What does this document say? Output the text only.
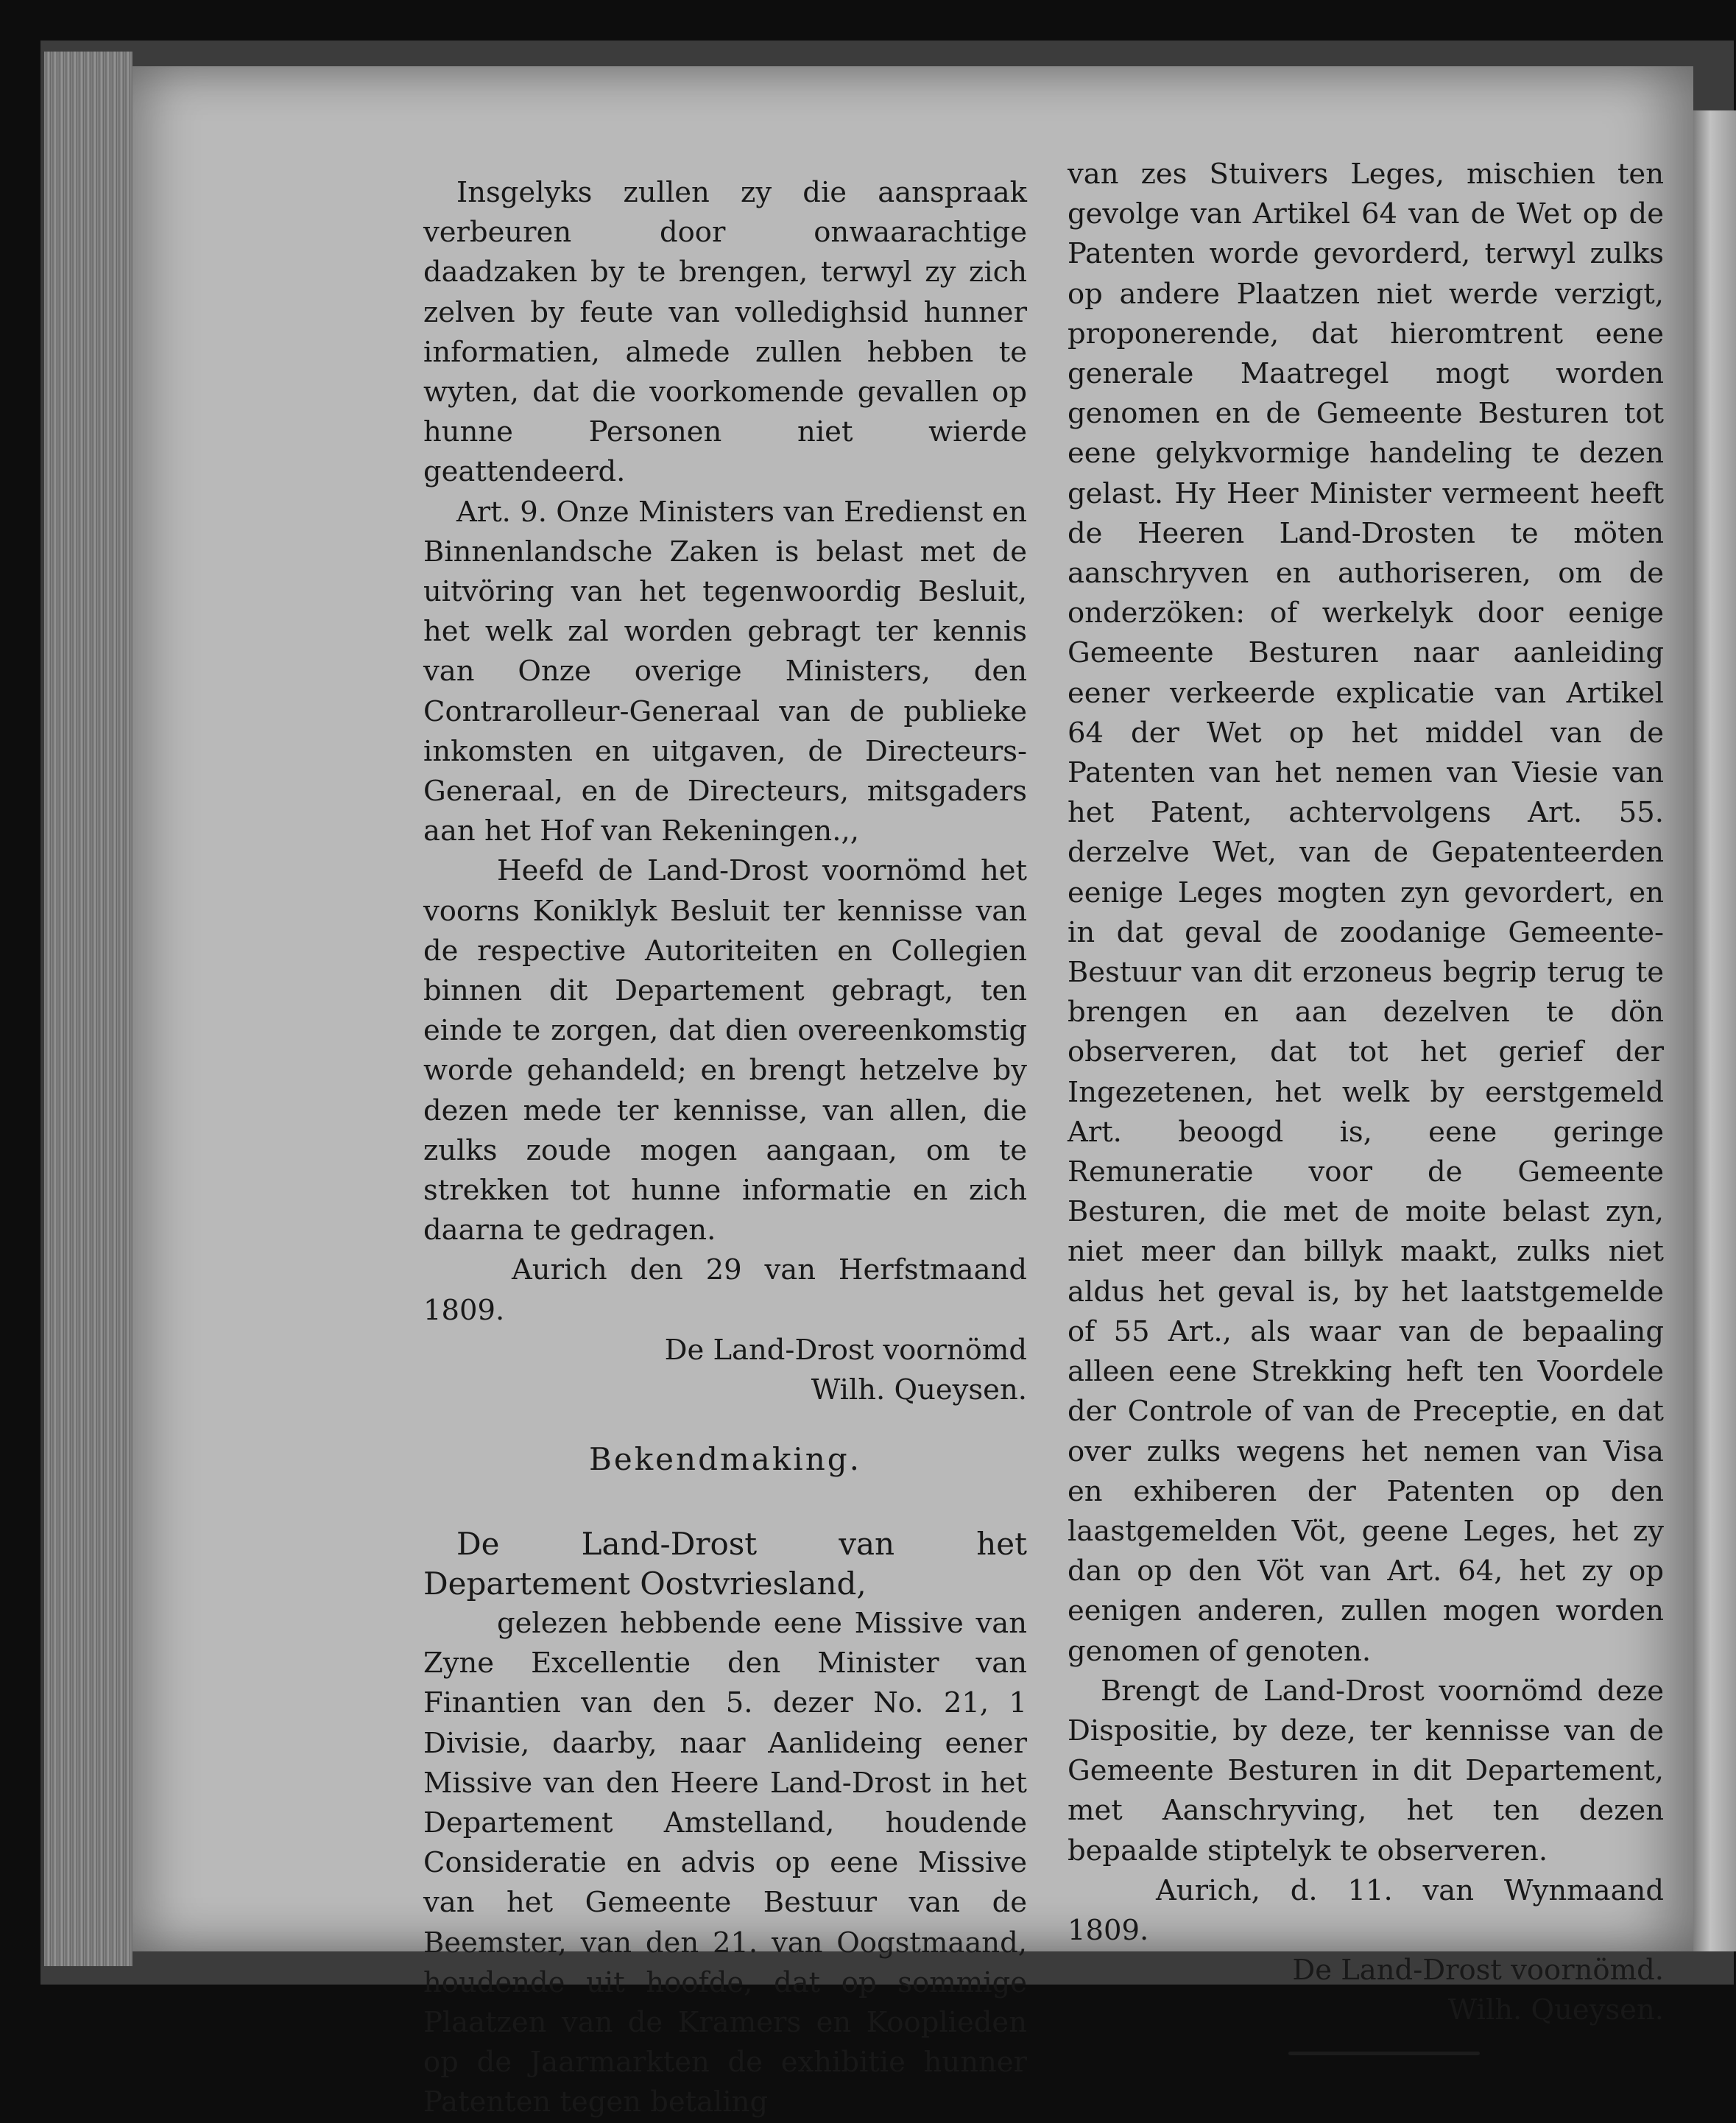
Insgelyks zullen zy die aanspraak verbeuren door onwaarachtige daadzaken by te brengen, terwyl zy zich zelven by feute van volledighsid hunner informatien, almede zullen hebben te wyten, dat die voorkomende gevallen op hunne Personen niet wierde geattendeerd.

Art. 9. Onze Ministers van Eredienst en Binnenlandsche Zaken is belast met de uitvöring van het tegenwoordig Besluit, het welk zal worden gebragt ter kennis van Onze overige Ministers, den Contrarolleur-Generaal van de publieke inkomsten en uitgaven, de Directeurs-Generaal, en de Directeurs, mitsgaders aan het Hof van Rekeningen.,,

Heefd de Land-Drost voornömd het voorns Koniklyk Besluit ter kennisse van de respective Autoriteiten en Collegien binnen dit Departement gebragt, ten einde te zorgen, dat dien overeenkomstig worde gehandeld; en brengt hetzelve by dezen mede ter kennisse, van allen, die zulks zoude mogen aangaan, om te strekken tot hunne informatie en zich daarna te gedragen.

Aurich den 29 van Herfstmaand 1809.

De Land-Drost voornömd

Wilh. Queysen.

Bekendmaking.

De Land-Drost van het Departement Oostvriesland,

gelezen hebbende eene Missive van Zyne Excellentie den Minister van Finantien van den 5. dezer No. 21, 1 Divisie, daarby, naar Aanlideing eener Missive van den Heere Land-Drost in het Departement Amstelland, houdende Consideratie en advis op eene Missive van het Gemeente Bestuur van de Beemster, van den 21. van Oogstmaand, houdende uit hoofde, dat op sommige Plaatzen van de Kramers en Kooplieden op de Jaarmarkten de exhibitie hunner Patenten tegen betaling

van zes Stuivers Leges, mischien ten gevolge van Artikel 64 van de Wet op de Patenten worde gevorderd, terwyl zulks op andere Plaatzen niet werde verzigt, proponerende, dat hieromtrent eene generale Maatregel mogt worden genomen en de Gemeente Besturen tot eene gelykvormige handeling te dezen gelast. Hy Heer Minister vermeent heeft de Heeren Land-Drosten te möten aanschryven en authoriseren, om de onderzöken: of werkelyk door eenige Gemeente Besturen naar aanleiding eener verkeerde explicatie van Artikel 64 der Wet op het middel van de Patenten van het nemen van Viesie van het Patent, achtervolgens Art. 55. derzelve Wet, van de Gepatenteerden eenige Leges mogten zyn gevordert, en in dat geval de zoodanige Gemeente-Bestuur van dit erzoneus begrip terug te brengen en aan dezelven te dön observeren, dat tot het gerief der Ingezetenen, het welk by eerstgemeld Art. beoogd is, eene geringe Remuneratie voor de Gemeente Besturen, die met de moite belast zyn, niet meer dan billyk maakt, zulks niet aldus het geval is, by het laatstgemelde of 55 Art., als waar van de bepaaling alleen eene Strekking heft ten Voordele der Controle of van de Preceptie, en dat over zulks wegens het nemen van Visa en exhiberen der Patenten op den laastgemelden Vöt, geene Leges, het zy dan op den Vöt van Art. 64, het zy op eenigen anderen, zullen mogen worden genomen of genoten.

Brengt de Land-Drost voornömd deze Dispositie, by deze, ter kennisse van de Gemeente Besturen in dit Departement, met Aanschryving, het ten dezen bepaalde stiptelyk te observeren.

Aurich, d. 11. van Wynmaand 1809.

De Land-Drost voornömd.

Wilh. Queysen.
